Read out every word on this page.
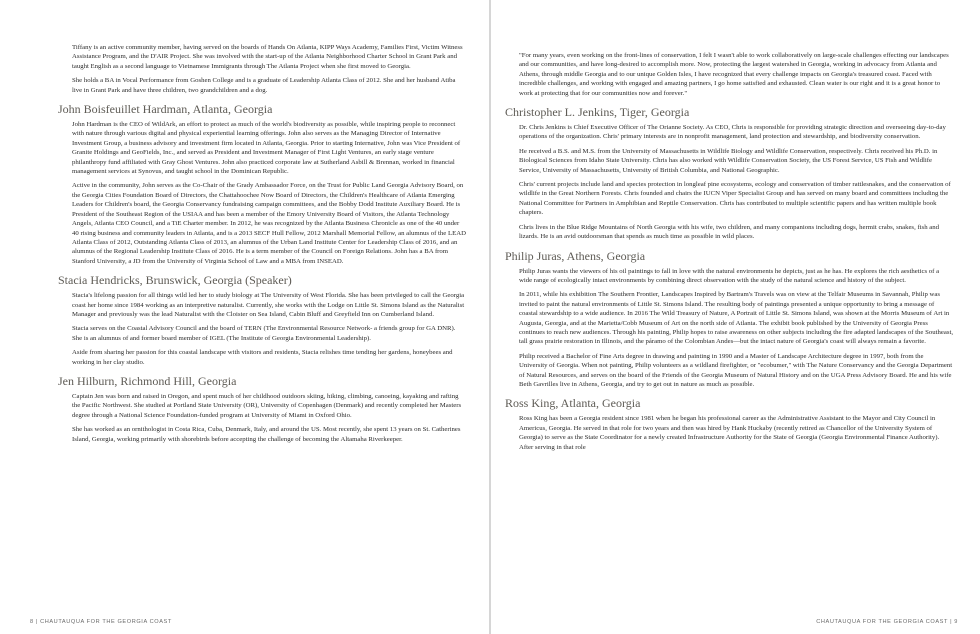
Tiffany is an active community member, having served on the boards of Hands On Atlanta, KIPP Ways Academy, Families First, Victim Witness Assistance Program, and the D'AIR Project. She was involved with the start-up of the Atlanta Neighborhood Charter School in Grant Park and taught English as a second language to Vietnamese Immigrants through The Atlanta Project when she first moved to Georgia.

She holds a BA in Vocal Performance from Goshen College and is a graduate of Leadership Atlanta Class of 2012. She and her husband Atiba live in Grant Park and have three children, two grandchildren and a dog.

John Boisfeuillet Hardman, Atlanta, Georgia

John Hardman is the CEO of WildArk, an effort to protect as much of the world's biodiversity as possible, while inspiring people to reconnect with nature through various digital and physical experiential learning offerings. John also serves as the Managing Director of Internative Investment Group, a business advisory and investment firm located in Atlanta, Georgia. Prior to starting Internative, John was Vice President of Granite Holdings and GeoFields, Inc., and served as President and Investment Manager of First Light Ventures, an early stage venture philanthropy fund affiliated with Gray Ghost Ventures. John also practiced corporate law at Sutherland Asbill & Brennan, worked in financial management services at Synovus, and taught school in the Dominican Republic.

Active in the community, John serves as the Co-Chair of the Grady Ambassador Force, on the Trust for Public Land Georgia Advisory Board, on the Georgia Cities Foundation Board of Directors, the Chattahoochee Now Board of Directors, the Children's Healthcare of Atlanta Emerging Leaders for Children's board, the Georgia Conservancy fundraising campaign committees, and the Bobby Dodd Institute Auxiliary Board. He is President of the Southeast Region of the USIAA and has been a member of the Emory University Board of Visitors, the Atlanta Technology Angels, Atlanta CEO Council, and a TiE Charter member. In 2012, he was recognized by the Atlanta Business Chronicle as one of the 40 under 40 rising business and community leaders in Atlanta, and is a 2013 SECF Hull Fellow, 2012 Marshall Memorial Fellow, an alumnus of the LEAD Atlanta Class of 2012, Outstanding Atlanta Class of 2013, an alumnus of the Urban Land Institute Center for Leadership Class of 2016, and an alumnus of the Regional Leadership Institute Class of 2016. He is a term member of the Council on Foreign Relations. John has a BA from Stanford University, a JD from the University of Virginia School of Law and a MBA from INSEAD.

Stacia Hendricks, Brunswick, Georgia (Speaker)

Stacia's lifelong passion for all things wild led her to study biology at The University of West Florida. She has been privileged to call the Georgia coast her home since 1984 working as an interpretive naturalist. Currently, she works with the Lodge on Little St. Simons Island as the Naturalist Manager and previously was the lead Naturalist with the Cloister on Sea Island, Cabin Bluff and Greyfield Inn on Cumberland Island.

Stacia serves on the Coastal Advisory Council and the board of TERN (The Environmental Resource Network- a friends group for GA DNR). She is an alumnus of and former board member of IGEL (The Institute of Georgia Environmental Leadership).

Aside from sharing her passion for this coastal landscape with visitors and residents, Stacia relishes time tending her gardens, honeybees and working in her clay studio.

Jen Hilburn, Richmond Hill, Georgia

Captain Jen was born and raised in Oregon, and spent much of her childhood outdoors skiing, hiking, climbing, canoeing, kayaking and rafting the Pacific Northwest. She studied at Portland State University (OR), University of Copenhagen (Denmark) and recently completed her Masters degree through a National Science Foundation-funded program at University of Miami in Oxford Ohio.

She has worked as an ornithologist in Costa Rica, Cuba, Denmark, Italy, and around the US. Most recently, she spent 13 years on St. Catherines Island, Georgia, working primarily with shorebirds before accepting the challenge of becoming the Altamaha Riverkeeper.

8 | CHAUTAUQUA FOR THE GEORGIA COAST

"For many years, even working on the front-lines of conservation, I felt I wasn't able to work collaboratively on large-scale challenges effecting our landscapes and our communities, and have long-desired to accomplish more. Now, protecting the largest watershed in Georgia, working in advocacy from Atlanta and Athens, through middle Georgia and to our unique Golden Isles, I have recognized that every challenge impacts on Georgia's treasured coast. Faced with incredible challenges, and working with engaged and amazing partners, I go home satisfied and exhausted. Clean water is our right and it is a great honor to work at protecting that for our communities now and forever."

Christopher L. Jenkins, Tiger, Georgia

Dr. Chris Jenkins is Chief Executive Officer of The Orianne Society. As CEO, Chris is responsible for providing strategic direction and overseeing day-to-day operations of the organization. Chris' primary interests are in nonprofit management, land protection and stewardship, and biodiversity conservation.

He received a B.S. and M.S. from the University of Massachusetts in Wildlife Biology and Wildlife Conservation, respectively. Chris received his Ph.D. in Biological Sciences from Idaho State University. Chris has also worked with Wildlife Conservation Society, the US Forest Service, US Fish and Wildlife Service, University of Massachusetts, University of British Columbia, and National Geographic.

Chris' current projects include land and species protection in longleaf pine ecosystems, ecology and conservation of timber rattlesnakes, and the conservation of wildlife in the Great Northern Forests. Chris founded and chairs the IUCN Viper Specialist Group and has served on many board and committees including the National Committee for Partners in Amphibian and Reptile Conservation. Chris has contributed to multiple scientific papers and has written multiple book chapters.

Chris lives in the Blue Ridge Mountains of North Georgia with his wife, two children, and many companions including dogs, hermit crabs, snakes, fish and lizards. He is an avid outdoorsman that spends as much time as possible in wild places.

Philip Juras, Athens, Georgia

Philip Juras wants the viewers of his oil paintings to fall in love with the natural environments he depicts, just as he has. He explores the rich aesthetics of a wide range of ecologically intact environments by combining direct observation with the study of the natural science and history of the subject.

In 2011, while his exhibition The Southern Frontier, Landscapes Inspired by Bartram's Travels was on view at the Telfair Museums in Savannah, Philip was invited to paint the natural environments of Little St. Simons Island. The resulting body of paintings presented a unique opportunity to bring a message of coastal stewardship to a wide audience. In 2016 The Wild Treasury of Nature, A Portrait of Little St. Simons Island, was shown at the Morris Museum of Art in Augusta, Georgia, and at the Marietta/Cobb Museum of Art on the north side of Atlanta. The exhibit book published by the University of Georgia Press continues to reach new audiences. Through his painting, Philip hopes to raise awareness on other subjects including the fire adapted landscapes of the Southeast, tall grass prairie restoration in Illinois, and the páramo of the Colombian Andes—but the intact nature of Georgia's coast will always remain a favorite.

Philip received a Bachelor of Fine Arts degree in drawing and painting in 1990 and a Master of Landscape Architecture degree in 1997, both from the University of Georgia. When not painting, Philip volunteers as a wildland firefighter, or "ecobumer," with The Nature Conservancy and the Georgia Department of Natural Resources, and serves on the board of the Friends of the Georgia Museum of Natural History and on the UGA Press Advisory Board. He and his wife Beth Gavrilles live in Athens, Georgia, and try to get out in nature as much as possible.

Ross King, Atlanta, Georgia

Ross King has been a Georgia resident since 1981 when he began his professional career as the Administrative Assistant to the Mayor and City Council in Americus, Georgia. He served in that role for two years and then was hired by Hank Huckaby (recently retired as Chancellor of the University System of Georgia) to serve as the State Coordinator for a newly created Infrastructure Authority for the State of Georgia (Georgia Environmental Finance Authority). After serving in that role

CHAUTAUQUA FOR THE GEORGIA COAST | 9
